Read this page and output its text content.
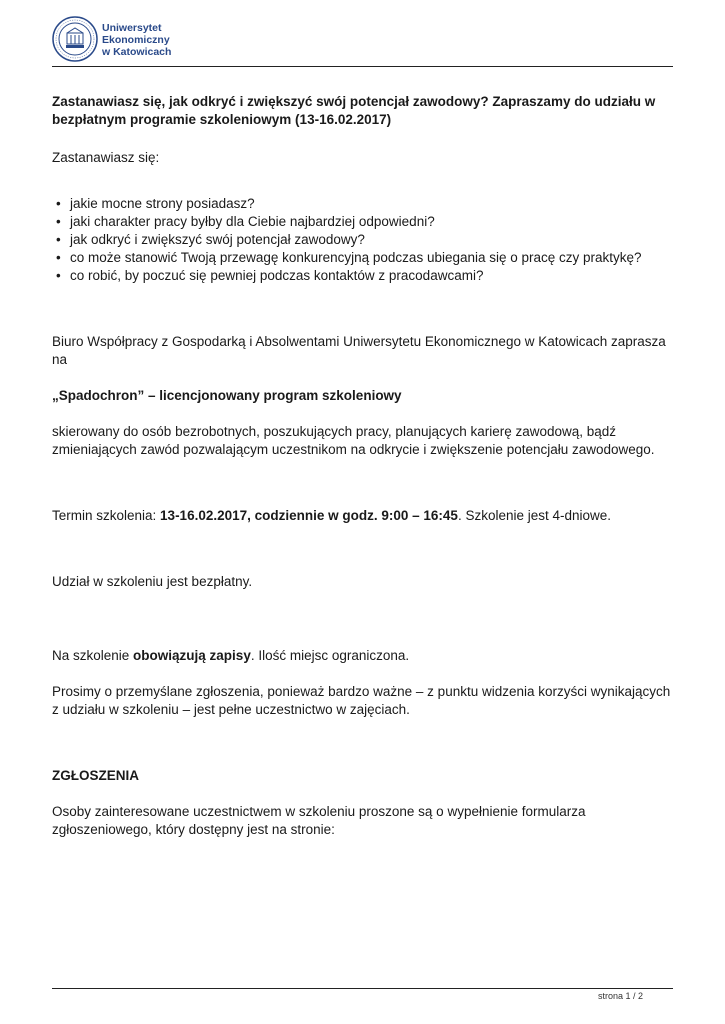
Uniwersytet
Ekonomiczny
w Katowicach

Zastanawiasz się, jak odkryć i zwiększyć swój potencjał zawodowy? Zapraszamy do udziału w bezpłatnym programie szkoleniowym (13-16.02.2017)

Zastanawiasz się:

• jakie mocne strony posiadasz?
• jaki charakter pracy byłby dla Ciebie najbardziej odpowiedni?
• jak odkryć i zwiększyć swój potencjał zawodowy?
• co może stanowić Twoją przewagę konkurencyjną podczas ubiegania się o pracę czy praktykę?
• co robić, by poczuć się pewniej podczas kontaktów z pracodawcami?

Biuro Współpracy z Gospodarką i Absolwentami Uniwersytetu Ekonomicznego w Katowicach zaprasza na

„Spadochron” – licencjonowany program szkoleniowy

skierowany do osób bezrobotnych, poszukujących pracy, planujących karierę zawodową, bądź zmieniających zawód pozwalającym uczestnikom na odkrycie i zwiększenie potencjału zawodowego.

Termin szkolenia: 13-16.02.2017, codziennie w godz. 9:00 – 16:45. Szkolenie jest 4-dniowe.

Udział w szkoleniu jest bezpłatny.

Na szkolenie obowiązują zapisy. Ilość miejsc ograniczona.

Prosimy o przemyślane zgłoszenia, ponieważ bardzo ważne – z punktu widzenia korzyści wynikających z udziału w szkoleniu – jest pełne uczestnictwo w zajęciach.

ZGŁOSZENIA

Osoby zainteresowane uczestnictwem w szkoleniu proszone są o wypełnienie formularza zgłoszeniowego, który dostępny jest na stronie:

strona 1 / 2
